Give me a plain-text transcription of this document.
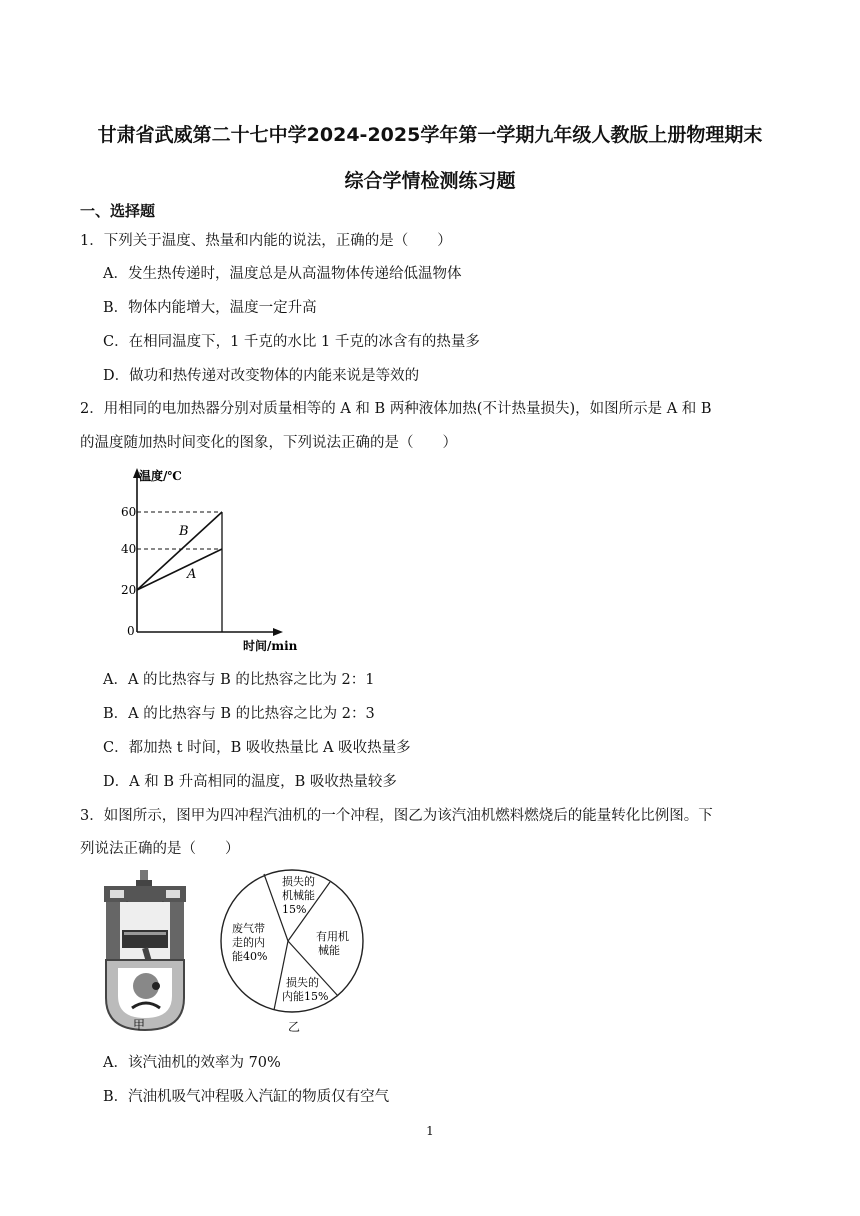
甘肃省武威第二十七中学2024-2025学年第一学期九年级人教版上册物理期末
综合学情检测练习题
一、选择题
1．下列关于温度、热量和内能的说法，正确的是（　　）
A．发生热传递时，温度总是从高温物体传递给低温物体
B．物体内能增大，温度一定升高
C．在相同温度下，1 千克的水比 1 千克的冰含有的热量多
D．做功和热传递对改变物体的内能来说是等效的
2．用相同的电加热器分别对质量相等的 A 和 B 两种液体加热(不计热量损失)，如图所示是 A 和 B
的温度随加热时间变化的图象，下列说法正确的是（　　）
60
40
20
0
B
A
温度/℃
时间/min
A．A 的比热容与 B 的比热容之比为 2：1
B．A 的比热容与 B 的比热容之比为 2：3
C．都加热 t 时间，B 吸收热量比 A 吸收热量多
D．A 和 B 升高相同的温度，B 吸收热量较多
3．如图所示，图甲为四冲程汽油机的一个冲程，图乙为该汽油机燃料燃烧后的能量转化比例图。下
列说法正确的是（　　）
甲
损失的
机械能
15%
有用机
械能
损失的
内能15%
废气带
走的内
能40%
乙
A．该汽油机的效率为 70%
B．汽油机吸气冲程吸入汽缸的物质仅有空气
1
